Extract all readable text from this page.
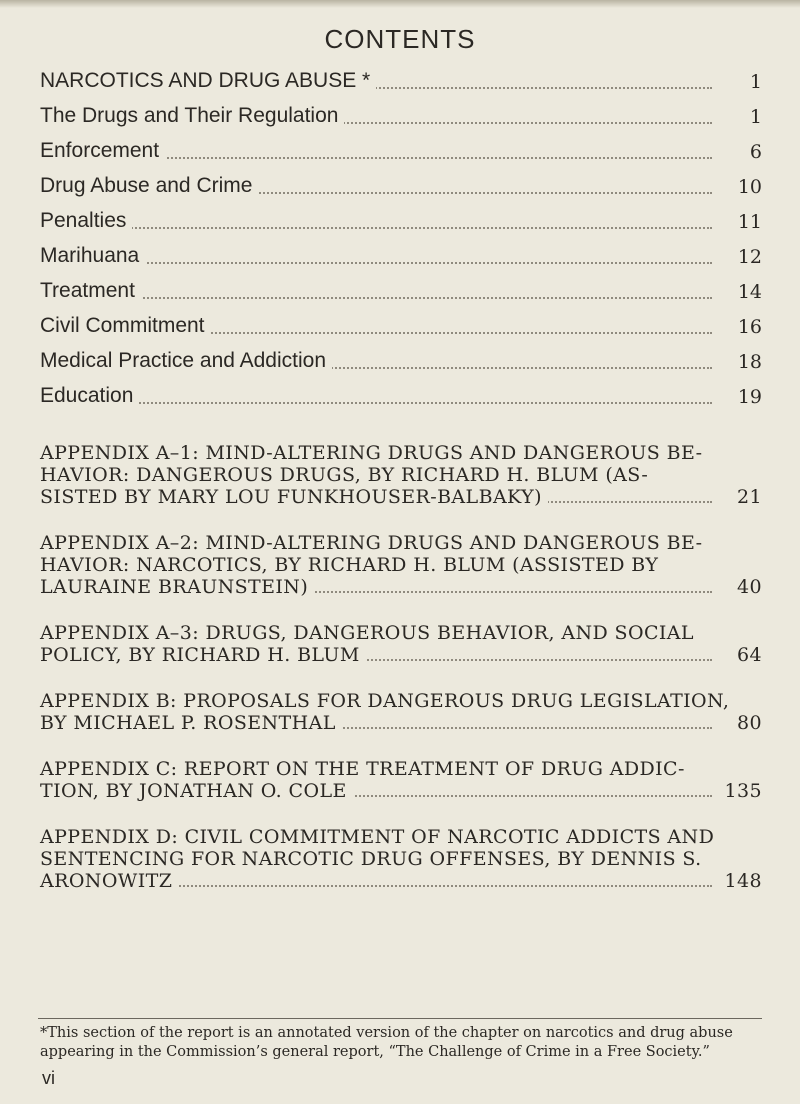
CONTENTS
NARCOTICS AND DRUG ABUSE *	1
The Drugs and Their Regulation	1
Enforcement	6
Drug Abuse and Crime	10
Penalties	11
Marihuana	12
Treatment	14
Civil Commitment	16
Medical Practice and Addiction	18
Education	19
APPENDIX A–1: MIND-ALTERING DRUGS AND DANGEROUS BE-
HAVIOR: DANGEROUS DRUGS, BY RICHARD H. BLUM (AS-
SISTED BY MARY LOU FUNKHOUSER-BALBAKY)	21
APPENDIX A–2: MIND-ALTERING DRUGS AND DANGEROUS BE-
HAVIOR: NARCOTICS, BY RICHARD H. BLUM (ASSISTED BY
LAURAINE BRAUNSTEIN)	40
APPENDIX A–3: DRUGS, DANGEROUS BEHAVIOR, AND SOCIAL
POLICY, BY RICHARD H. BLUM	64
APPENDIX B: PROPOSALS FOR DANGEROUS DRUG LEGISLATION,
BY MICHAEL P. ROSENTHAL	80
APPENDIX C: REPORT ON THE TREATMENT OF DRUG ADDIC-
TION, BY JONATHAN O. COLE	135
APPENDIX D: CIVIL COMMITMENT OF NARCOTIC ADDICTS AND
SENTENCING FOR NARCOTIC DRUG OFFENSES, BY DENNIS S.
ARONOWITZ	148
*This section of the report is an annotated version of the chapter on narcotics and drug abuse appearing in the Commission’s general report, “The Challenge of Crime in a Free Society.”
vi
